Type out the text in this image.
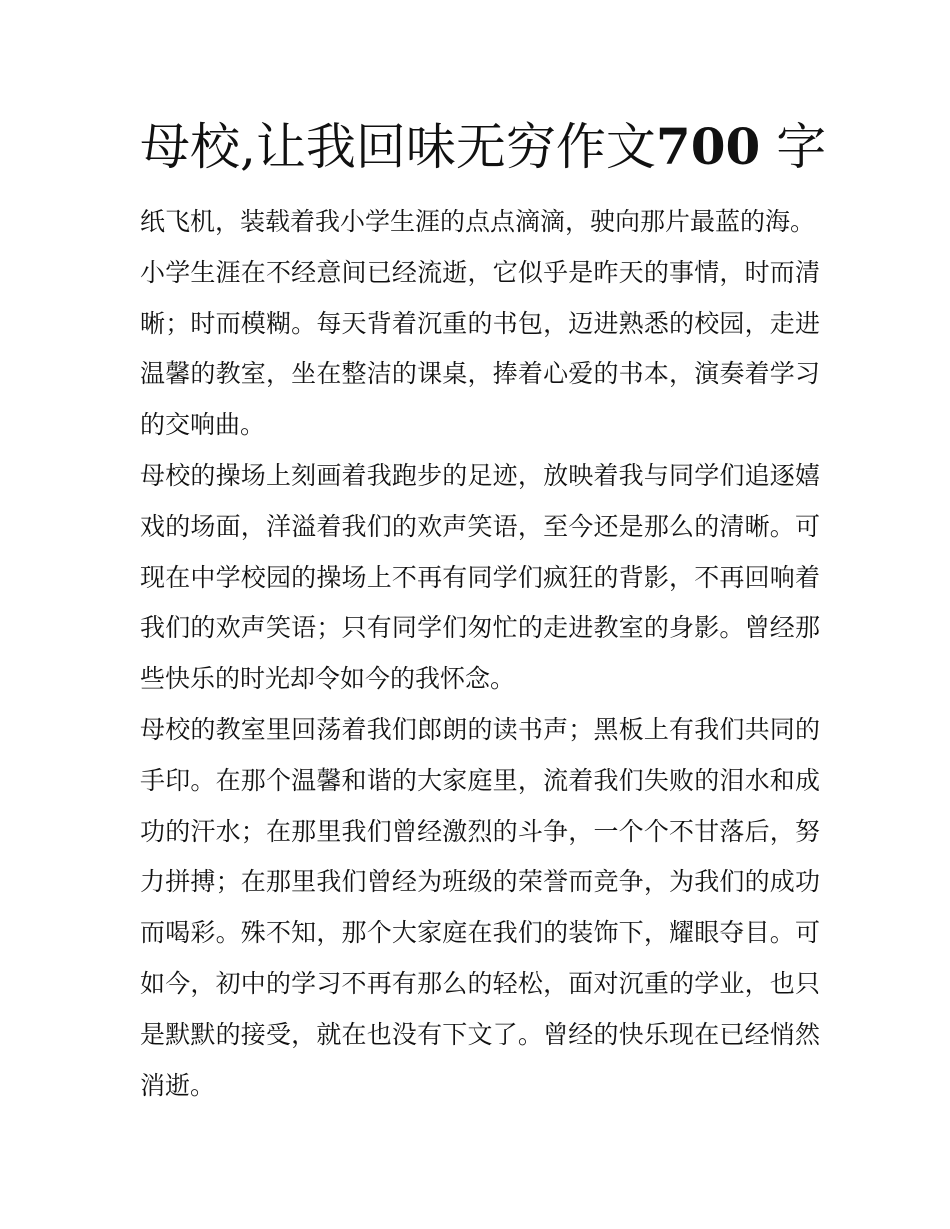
母校,让我回味无穷作文700 字

纸飞机，装载着我小学生涯的点点滴滴，驶向那片最蓝的海。

小学生涯在不经意间已经流逝，它似乎是昨天的事情，时而清晰；时而模糊。每天背着沉重的书包，迈进熟悉的校园，走进温馨的教室，坐在整洁的课桌，捧着心爱的书本，演奏着学习的交响曲。

母校的操场上刻画着我跑步的足迹，放映着我与同学们追逐嬉戏的场面，洋溢着我们的欢声笑语，至今还是那么的清晰。可现在中学校园的操场上不再有同学们疯狂的背影，不再回响着我们的欢声笑语；只有同学们匆忙的走进教室的身影。曾经那些快乐的时光却令如今的我怀念。

母校的教室里回荡着我们郎朗的读书声；黑板上有我们共同的手印。在那个温馨和谐的大家庭里，流着我们失败的泪水和成功的汗水；在那里我们曾经激烈的斗争，一个个不甘落后，努力拼搏；在那里我们曾经为班级的荣誉而竞争，为我们的成功而喝彩。殊不知，那个大家庭在我们的装饰下，耀眼夺目。可如今，初中的学习不再有那么的轻松，面对沉重的学业，也只是默默的接受，就在也没有下文了。曾经的快乐现在已经悄然消逝。
